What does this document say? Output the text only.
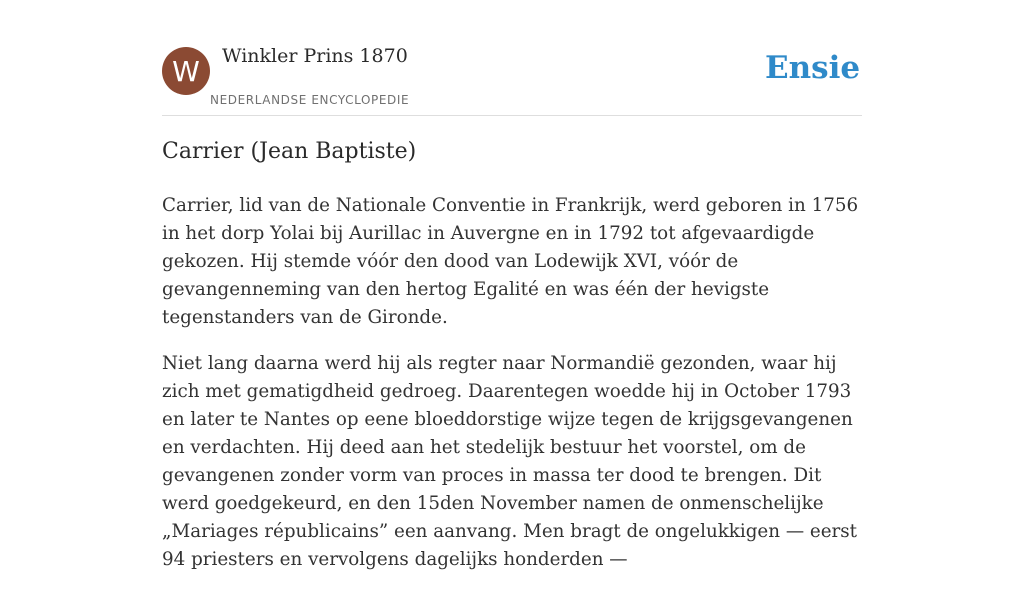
W	Winkler Prins 1870
NEDERLANDSE ENCYCLOPEDIE
Ensie
Carrier (Jean Baptiste)

Carrier, lid van de Nationale Conventie in Frankrijk, werd geboren in 1756 in het dorp Yolai bij Aurillac in Auvergne en in 1792 tot afgevaardigde gekozen. Hij stemde vóór den dood van Lodewijk XVI, vóór de gevangenneming van den hertog Egalité en was één der hevigste tegenstanders van de Gironde.

Niet lang daarna werd hij als regter naar Normandië gezonden, waar hij zich met gematigdheid gedroeg. Daarentegen woedde hij in October 1793 en later te Nantes op eene bloeddorstige wijze tegen de krijgsgevangenen en verdachten. Hij deed aan het stedelijk bestuur het voorstel, om de gevangenen zonder vorm van proces in massa ter dood te brengen. Dit werd goedgekeurd, en den 15den November namen de onmenschelijke „Mariages républicains” een aanvang. Men bragt de ongelukkigen — eerst 94 priesters en vervolgens dagelijks honderden —
